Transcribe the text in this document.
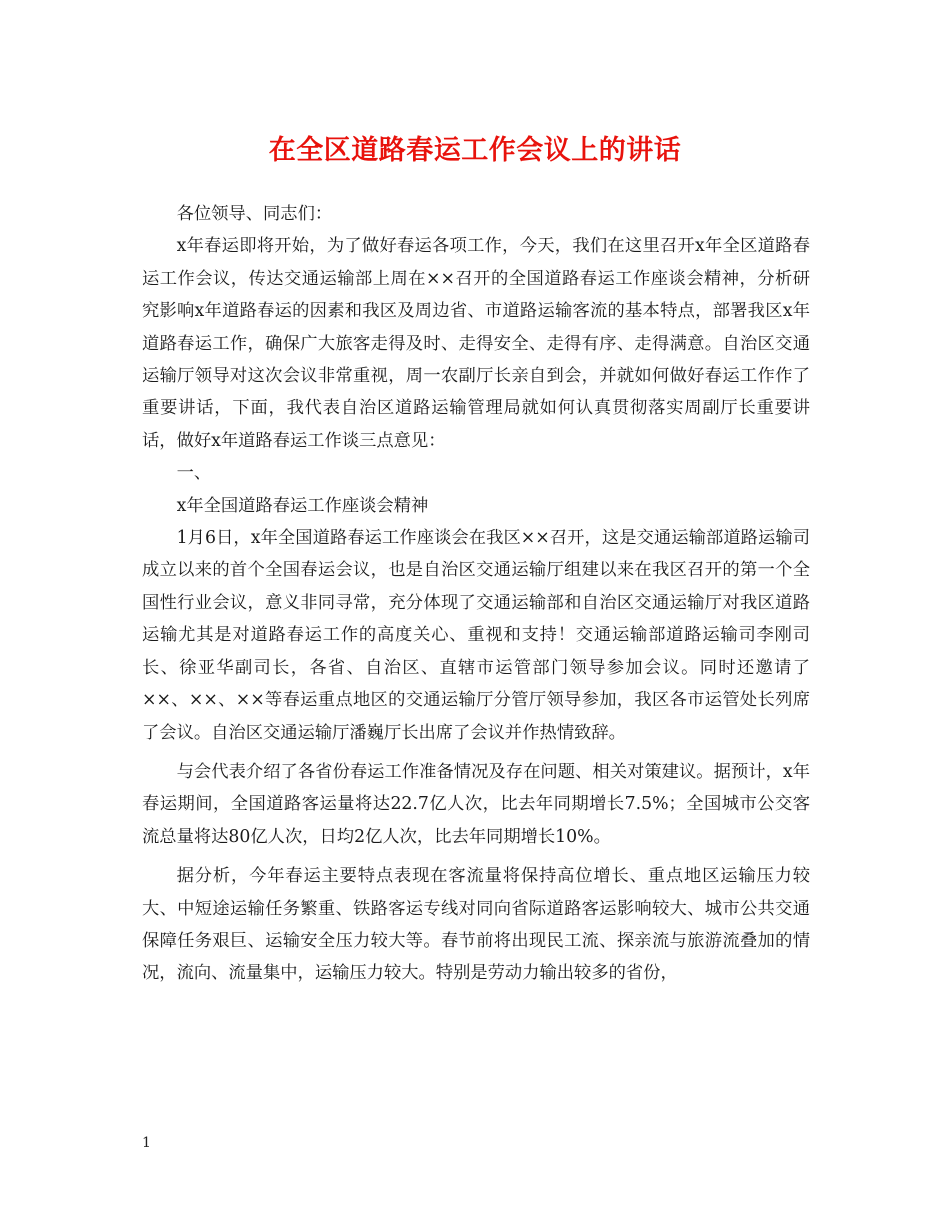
在全区道路春运工作会议上的讲话

各位领导、同志们：

x年春运即将开始，为了做好春运各项工作，今天，我们在这里召开x年全区道路春运工作会议，传达交通运输部上周在××召开的全国道路春运工作座谈会精神，分析研究影响x年道路春运的因素和我区及周边省、市道路运输客流的基本特点，部署我区x年道路春运工作，确保广大旅客走得及时、走得安全、走得有序、走得满意。自治区交通运输厅领导对这次会议非常重视，周一农副厅长亲自到会，并就如何做好春运工作作了重要讲话，下面，我代表自治区道路运输管理局就如何认真贯彻落实周副厅长重要讲话，做好x年道路春运工作谈三点意见：

一、

x年全国道路春运工作座谈会精神

1月6日，x年全国道路春运工作座谈会在我区××召开，这是交通运输部道路运输司成立以来的首个全国春运会议，也是自治区交通运输厅组建以来在我区召开的第一个全国性行业会议，意义非同寻常，充分体现了交通运输部和自治区交通运输厅对我区道路运输尤其是对道路春运工作的高度关心、重视和支持！交通运输部道路运输司李刚司长、徐亚华副司长，各省、自治区、直辖市运管部门领导参加会议。同时还邀请了××、××、××等春运重点地区的交通运输厅分管厅领导参加，我区各市运管处长列席了会议。自治区交通运输厅潘巍厅长出席了会议并作热情致辞。

与会代表介绍了各省份春运工作准备情况及存在问题、相关对策建议。据预计，x年春运期间，全国道路客运量将达22.7亿人次，比去年同期增长7.5%；全国城市公交客流总量将达80亿人次，日均2亿人次，比去年同期增长10%。

据分析，今年春运主要特点表现在客流量将保持高位增长、重点地区运输压力较大、中短途运输任务繁重、铁路客运专线对同向省际道路客运影响较大、城市公共交通保障任务艰巨、运输安全压力较大等。春节前将出现民工流、探亲流与旅游流叠加的情况，流向、流量集中，运输压力较大。特别是劳动力输出较多的省份，

1
